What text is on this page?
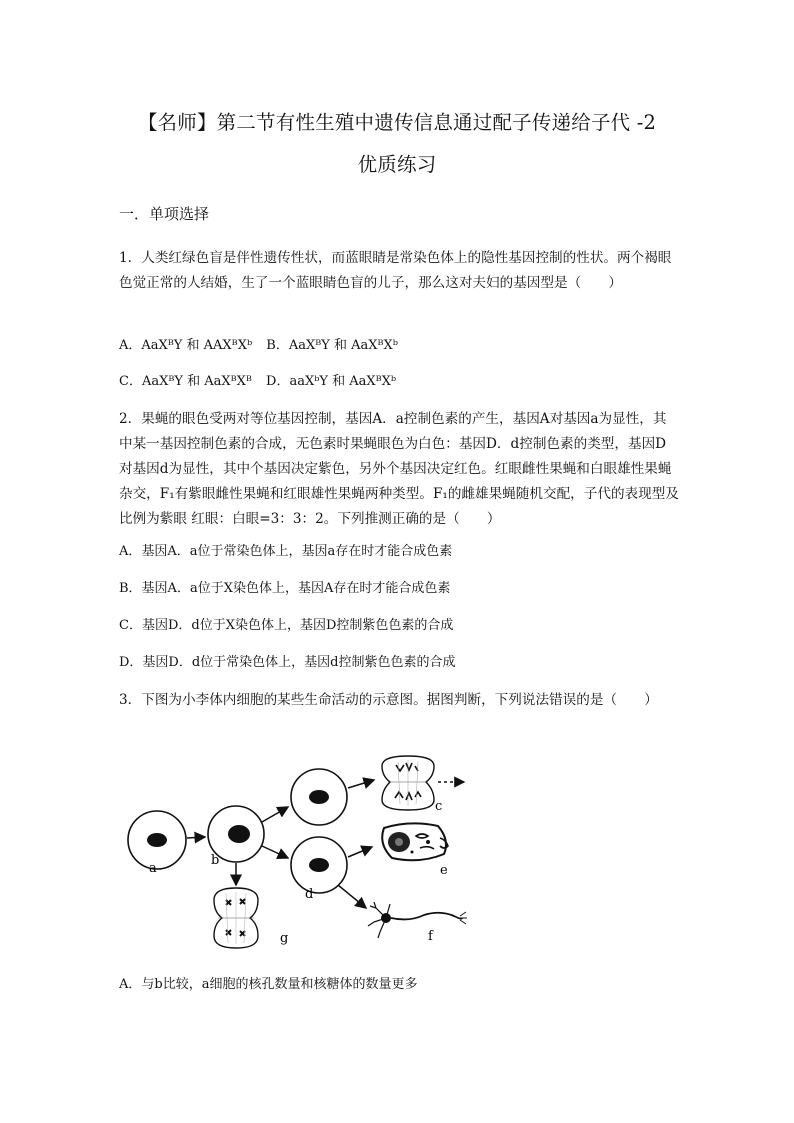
【名师】第二节有性生殖中遗传信息通过配子传递给子代 -2
优质练习
一．单项选择

1．人类红绿色盲是伴性遗传性状，而蓝眼睛是常染色体上的隐性基因控制的性状。两个褐眼色觉正常的人结婚，生了一个蓝眼睛色盲的儿子，那么这对夫妇的基因型是（　　）

A．AaXᴮY 和 AAXᴮXᵇ B．AaXᴮY 和 AaXᴮXᵇ
C．AaXᴮY 和 AaXᴮXᴮ D．aaXᵇY 和 AaXᴮXᵇ

2．果蝇的眼色受两对等位基因控制，基因A．a控制色素的产生，基因A对基因a为显性，其中某一基因控制色素的合成，无色素时果蝇眼色为白色：基因D．d控制色素的类型，基因D对基因d为显性，其中个基因决定紫色，另外个基因决定红色。红眼雌性果蝇和白眼雄性果蝇杂交，F₁有紫眼雌性果蝇和红眼雄性果蝇两种类型。F₁的雌雄果蝇随机交配，子代的表现型及比例为紫眼 红眼：白眼=3：3：2。下列推测正确的是（　　）

A．基因A．a位于常染色体上，基因a存在时才能合成色素
B．基因A．a位于X染色体上，基因A存在时才能合成色素
C．基因D．d位于X染色体上，基因D控制紫色色素的合成
D．基因D．d位于常染色体上，基因d控制紫色色素的合成

3．下图为小李体内细胞的某些生命活动的示意图。据图判断，下列说法错误的是（　　）

a
b
c
d
e
f
g
A．与b比较，a细胞的核孔数量和核糖体的数量更多
